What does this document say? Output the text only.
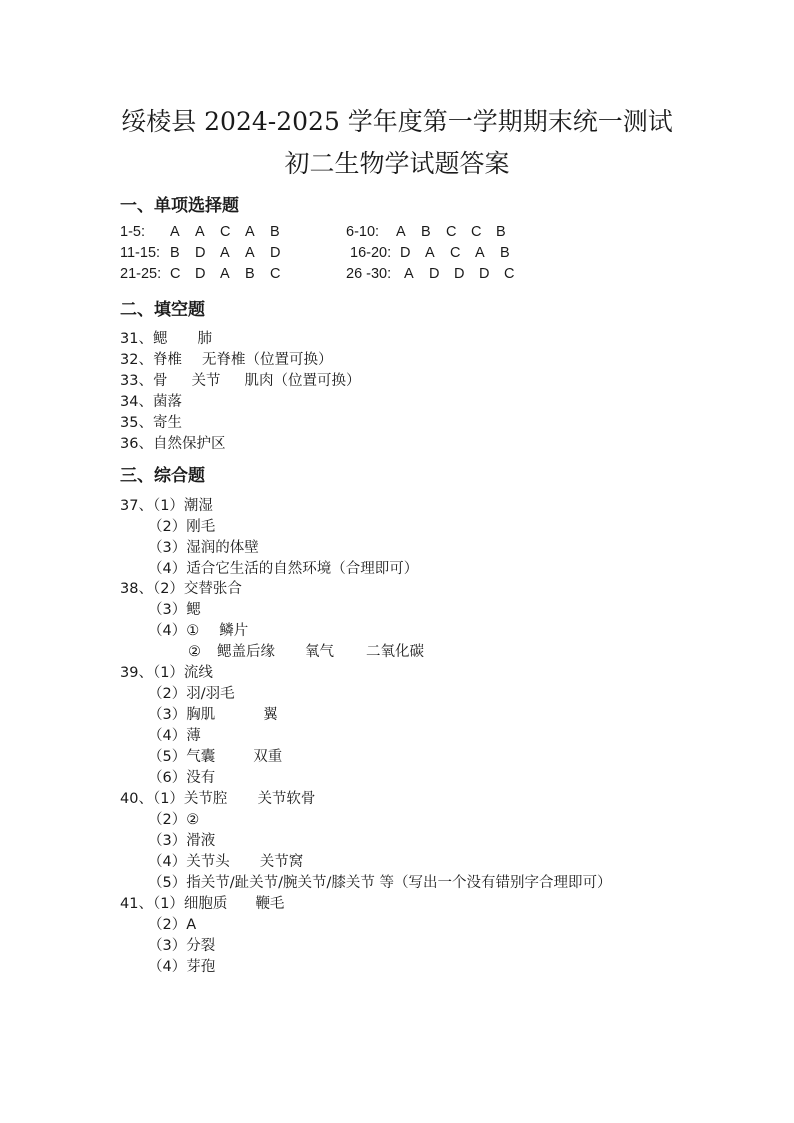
绥棱县 2024-2025 学年度第一学期期末统一测试
初二生物学试题答案
一、单项选择题
1-5: A A C A B	6-10: A B C C B
11-15: B D A A D	16-20: D A C A B
21-25: C D A B C	26 -30: A D D D C
二、填空题
31、鳃 肺
32、脊椎 无脊椎（位置可换）
33、骨 关节 肌肉（位置可换）
34、菌落
35、寄生
36、自然保护区
三、综合题
37、（1）潮湿
（2）刚毛
（3）湿润的体壁
（4）适合它生活的自然环境（合理即可）
38、（2）交替张合
（3）鳃
（4）① 鳞片
② 鳃盖后缘 氧气 二氧化碳
39、（1）流线
（2）羽/羽毛
（3）胸肌	翼
（4）薄
（5）气囊	双重
（6）没有
40、（1）关节腔 关节软骨
（2）②
（3）滑液
（4）关节头 关节窝
（5）指关节/趾关节/腕关节/膝关节 等（写出一个没有错别字合理即可）
41、（1）细胞质 鞭毛
（2）A
（3）分裂
（4）芽孢
